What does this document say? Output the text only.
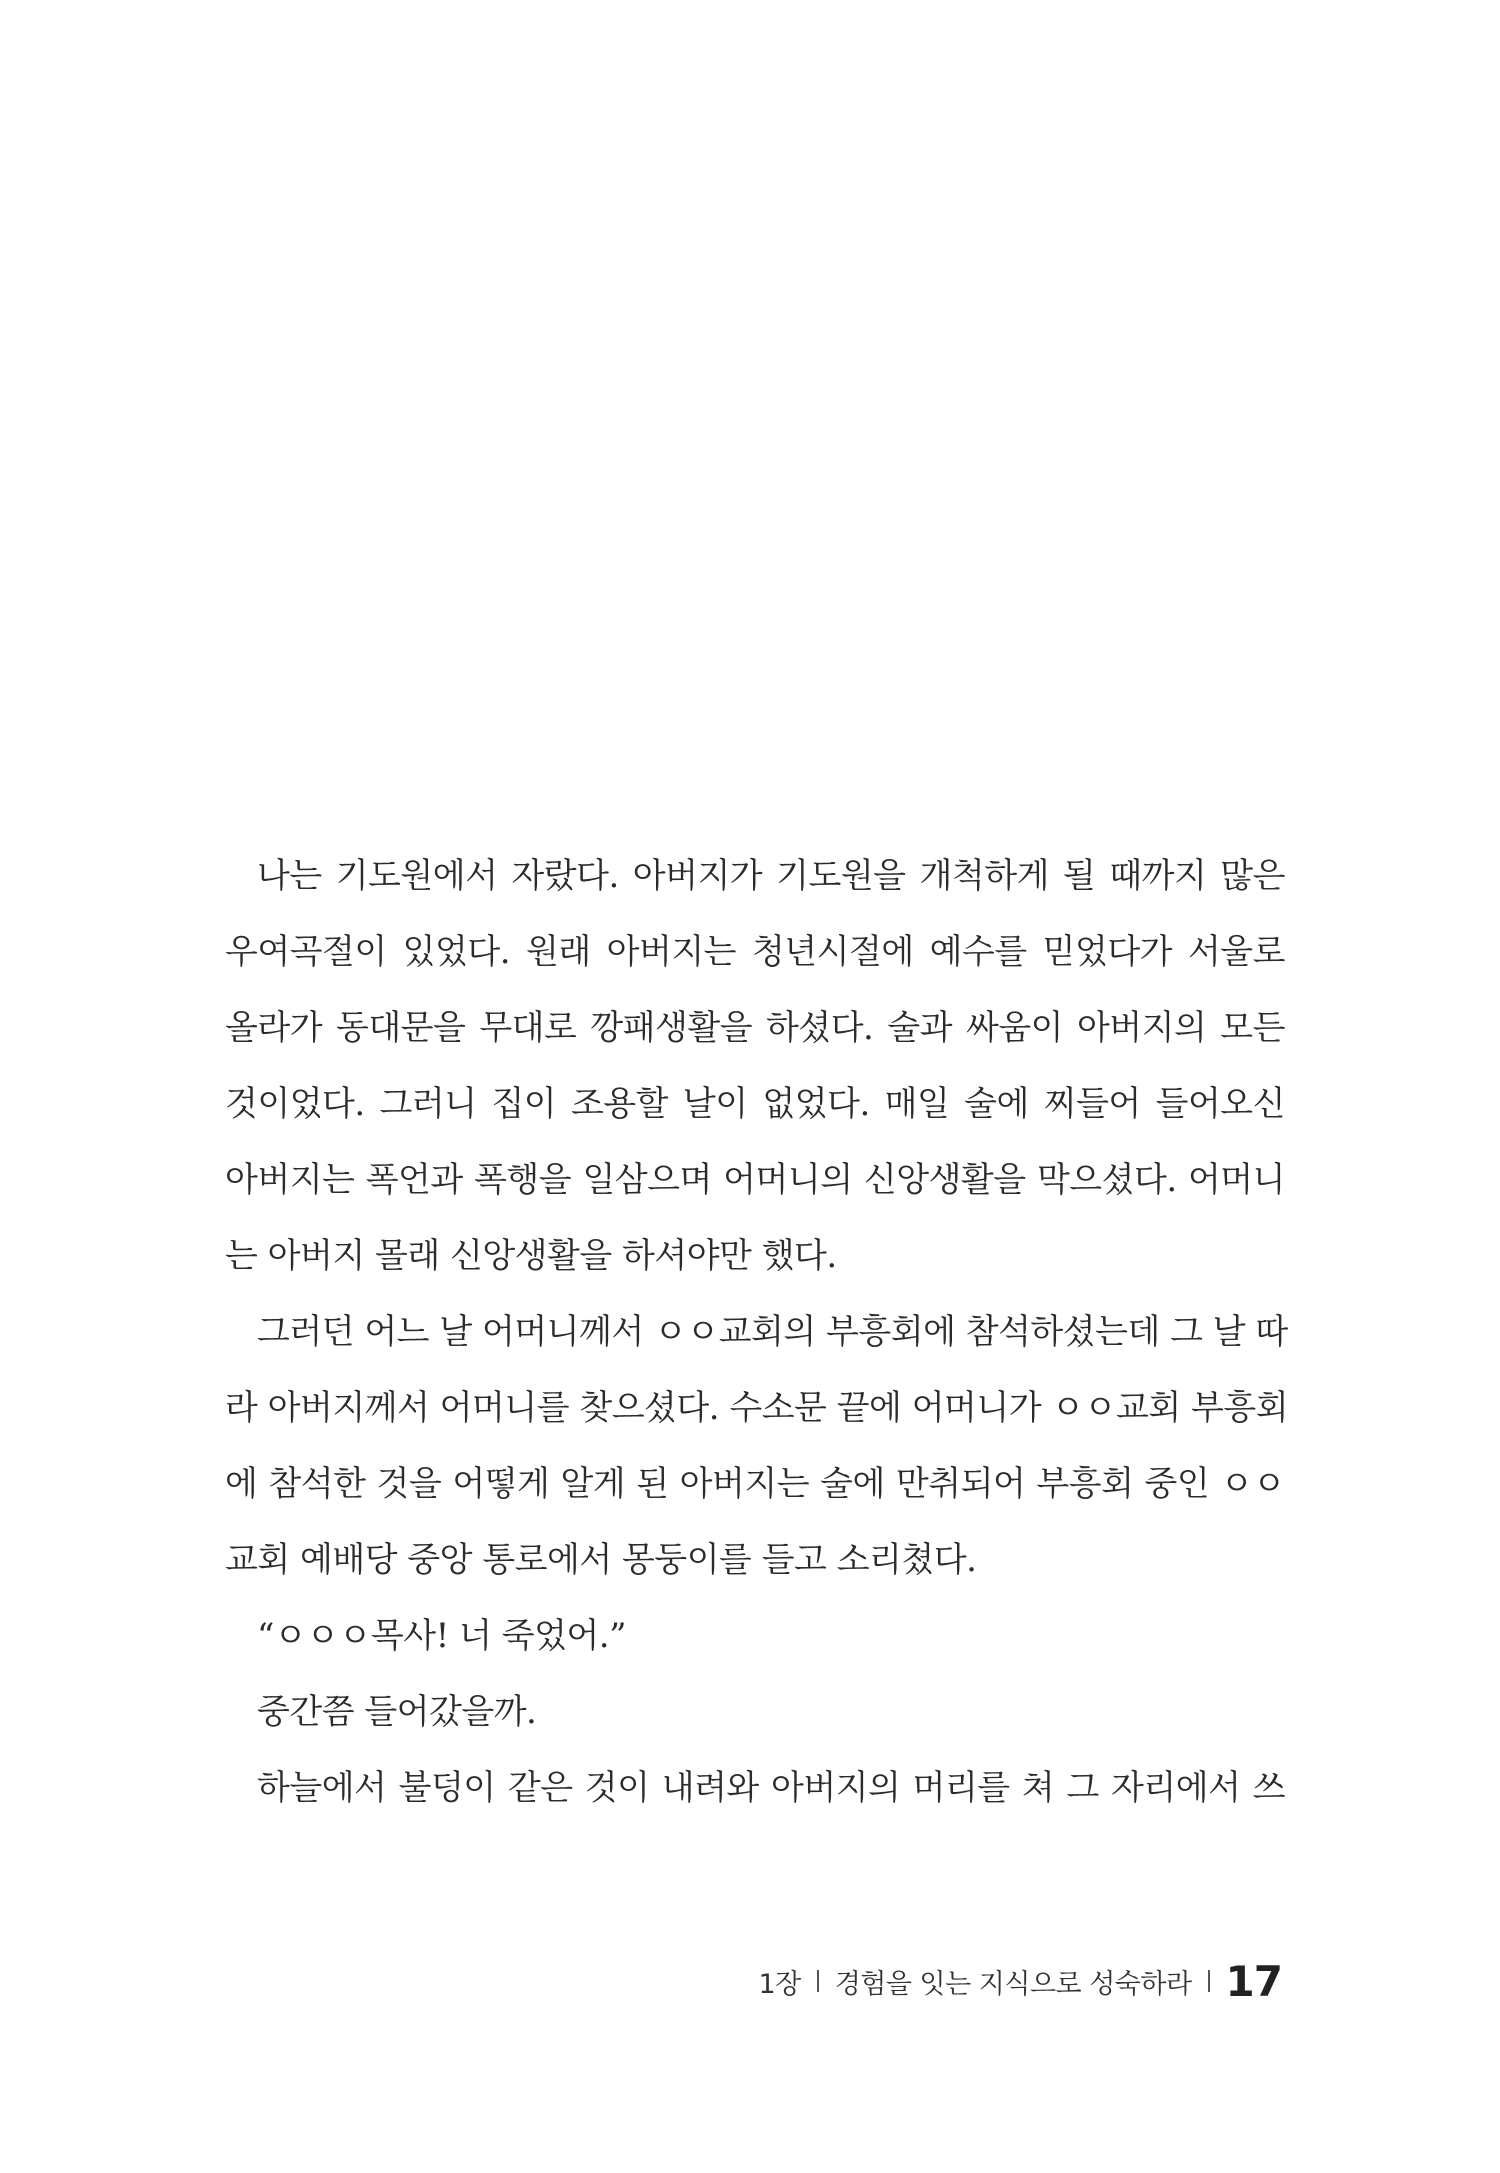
나는 기도원에서 자랐다. 아버지가 기도원을 개척하게 될 때까지 많은
우여곡절이 있었다. 원래 아버지는 청년시절에 예수를 믿었다가 서울로
올라가 동대문을 무대로 깡패생활을 하셨다. 술과 싸움이 아버지의 모든
것이었다. 그러니 집이 조용할 날이 없었다. 매일 술에 찌들어 들어오신
아버지는 폭언과 폭행을 일삼으며 어머니의 신앙생활을 막으셨다. 어머니
는 아버지 몰래 신앙생활을 하셔야만 했다.
그러던 어느 날 어머니께서 ㅇㅇ교회의 부흥회에 참석하셨는데 그 날 따
라 아버지께서 어머니를 찾으셨다. 수소문 끝에 어머니가 ㅇㅇ교회 부흥회
에 참석한 것을 어떻게 알게 된 아버지는 술에 만취되어 부흥회 중인 ㅇㅇ
교회 예배당 중앙 통로에서 몽둥이를 들고 소리쳤다.
“ㅇㅇㅇ목사! 너 죽었어.”
중간쯤 들어갔을까.
하늘에서 불덩이 같은 것이 내려와 아버지의 머리를 쳐 그 자리에서 쓰
1장 경험을 잇는 지식으로 성숙하라 17
